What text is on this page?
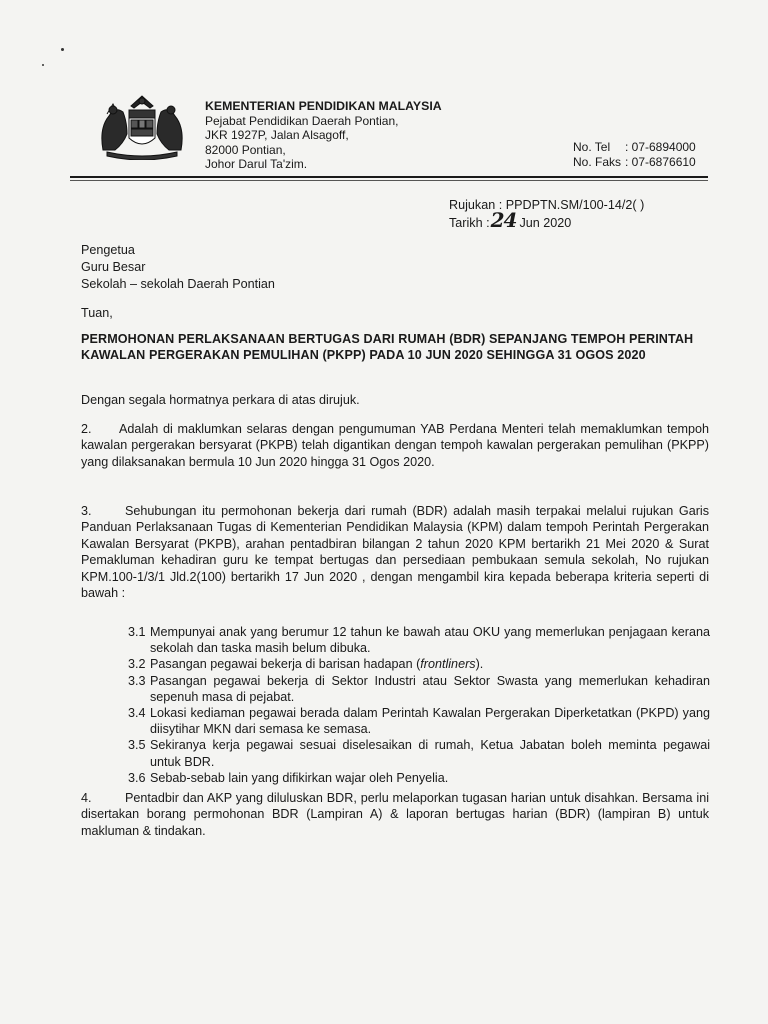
KEMENTERIAN PENDIDIKAN MALAYSIA
Pejabat Pendidikan Daerah Pontian,
JKR 1927P, Jalan Alsagoff,
82000 Pontian,
Johor Darul Ta'zim.
No. Tel	: 07-6894000
No. Faks : 07-6876610
Rujukan : PPDPTN.SM/100-14/2( )
Tarikh : 24 Jun 2020
Pengetua
Guru Besar
Sekolah – sekolah Daerah Pontian
Tuan,
PERMOHONAN PERLAKSANAAN BERTUGAS DARI RUMAH (BDR) SEPANJANG TEMPOH PERINTAH KAWALAN PERGERAKAN PEMULIHAN (PKPP) PADA 10 JUN 2020 SEHINGGA 31 OGOS 2020
Dengan segala hormatnya perkara di atas dirujuk.
2. Adalah di maklumkan selaras dengan pengumuman YAB Perdana Menteri telah memaklumkan tempoh kawalan pergerakan bersyarat (PKPB) telah digantikan dengan tempoh kawalan pergerakan pemulihan (PKPP) yang dilaksanakan bermula 10 Jun 2020 hingga 31 Ogos 2020.
3.	Sehubungan itu permohonan bekerja dari rumah (BDR) adalah masih terpakai melalui rujukan Garis Panduan Perlaksanaan Tugas di Kementerian Pendidikan Malaysia (KPM) dalam tempoh Perintah Pergerakan Kawalan Bersyarat (PKPB), arahan pentadbiran bilangan 2 tahun 2020 KPM bertarikh 21 Mei 2020 & Surat Pemakluman kehadiran guru ke tempat bertugas dan persediaan pembukaan semula sekolah, No rujukan KPM.100-1/3/1 Jld.2(100) bertarikh 17 Jun 2020 , dengan mengambil kira kepada beberapa kriteria seperti di bawah :
3.1 Mempunyai anak yang berumur 12 tahun ke bawah atau OKU yang memerlukan penjagaan kerana sekolah dan taska masih belum dibuka.
3.2 Pasangan pegawai bekerja di barisan hadapan (frontliners).
3.3 Pasangan pegawai bekerja di Sektor Industri atau Sektor Swasta yang memerlukan kehadiran sepenuh masa di pejabat.
3.4 Lokasi kediaman pegawai berada dalam Perintah Kawalan Pergerakan Diperketatkan (PKPD) yang diisytihar MKN dari semasa ke semasa.
3.5 Sekiranya kerja pegawai sesuai diselesaikan di rumah, Ketua Jabatan boleh meminta pegawai untuk BDR.
3.6 Sebab-sebab lain yang difikirkan wajar oleh Penyelia.
4.	Pentadbir dan AKP yang diluluskan BDR, perlu melaporkan tugasan harian untuk disahkan. Bersama ini disertakan borang permohonan BDR (Lampiran A) & laporan bertugas harian (BDR) (lampiran B) untuk makluman & tindakan.
